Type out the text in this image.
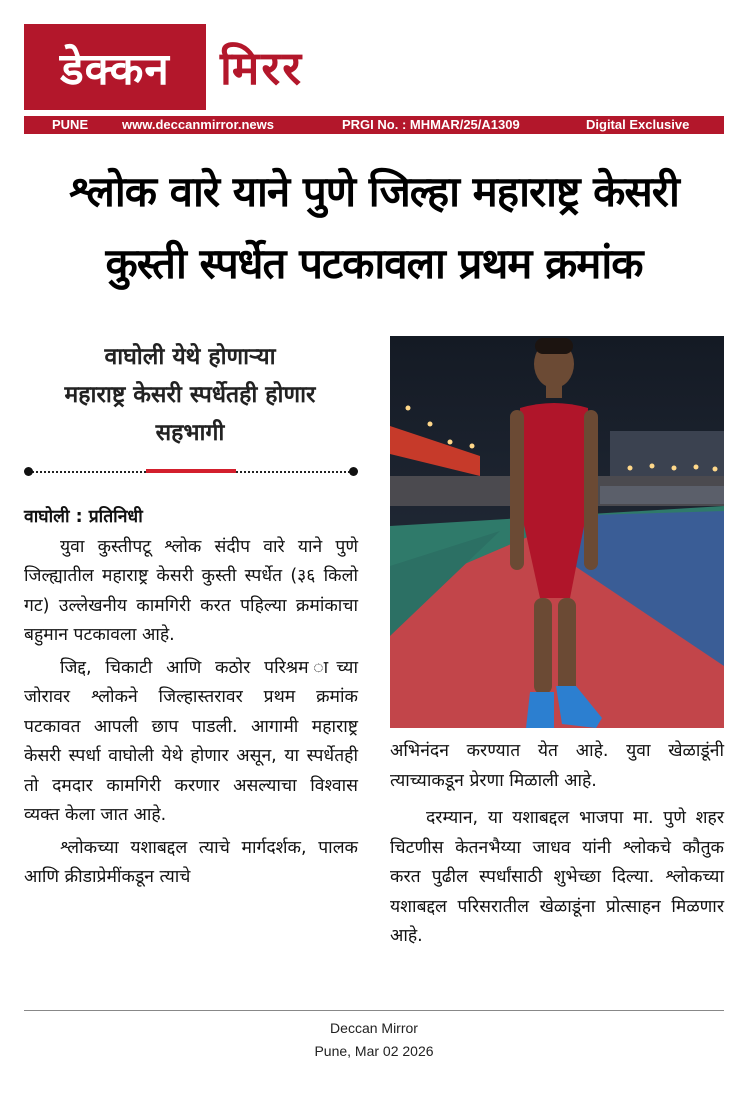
डेक्कन मिरर
PUNE	www.deccanmirror.news	PRGI No. : MHMAR/25/A1309	Digital Exclusive
श्लोक वारे याने पुणे जिल्हा महाराष्ट्र केसरी
कुस्ती स्पर्धेत पटकावला प्रथम क्रमांक
वाघोली येथे होणाऱ्या
महाराष्ट्र केसरी स्पर्धेतही होणार
सहभागी

वाघोली : प्रतिनिधी

युवा कुस्तीपटू श्लोक संदीप वारे याने पुणे जिल्ह्यातील महाराष्ट्र केसरी कुस्ती स्पर्धेत (३६ किलो गट) उल्लेखनीय कामगिरी करत पहिल्या क्रमांकाचा बहुमान पटकावला आहे.

जिद्द, चिकाटी आणि कठोर परिश्रम ाच्या जोरावर श्लोकने जिल्हास्तरावर प्रथम क्रमांक पटकावत आपली छाप पाडली. आगामी महाराष्ट्र केसरी स्पर्धा वाघोली येथे होणार असून, या स्पर्धेतही तो दमदार कामगिरी करणार असल्याचा विश्वास व्यक्त केला जात आहे.

श्लोकच्या यशाबद्दल त्याचे मार्गदर्शक, पालक आणि क्रीडाप्रेमींकडून त्याचे

अभिनंदन करण्यात येत आहे. युवा खेळाडूंनी त्याच्याकडून प्रेरणा मिळाली आहे.

दरम्यान, या यशाबद्दल भाजपा मा. पुणे शहर चिटणीस केतनभैय्या जाधव यांनी श्लोकचे कौतुक करत पुढील स्पर्धांसाठी शुभेच्छा दिल्या. श्लोकच्या यशाबद्दल परिसरातील खेळाडूंना प्रोत्साहन मिळणार आहे.

Deccan Mirror
Pune, Mar 02 2026
